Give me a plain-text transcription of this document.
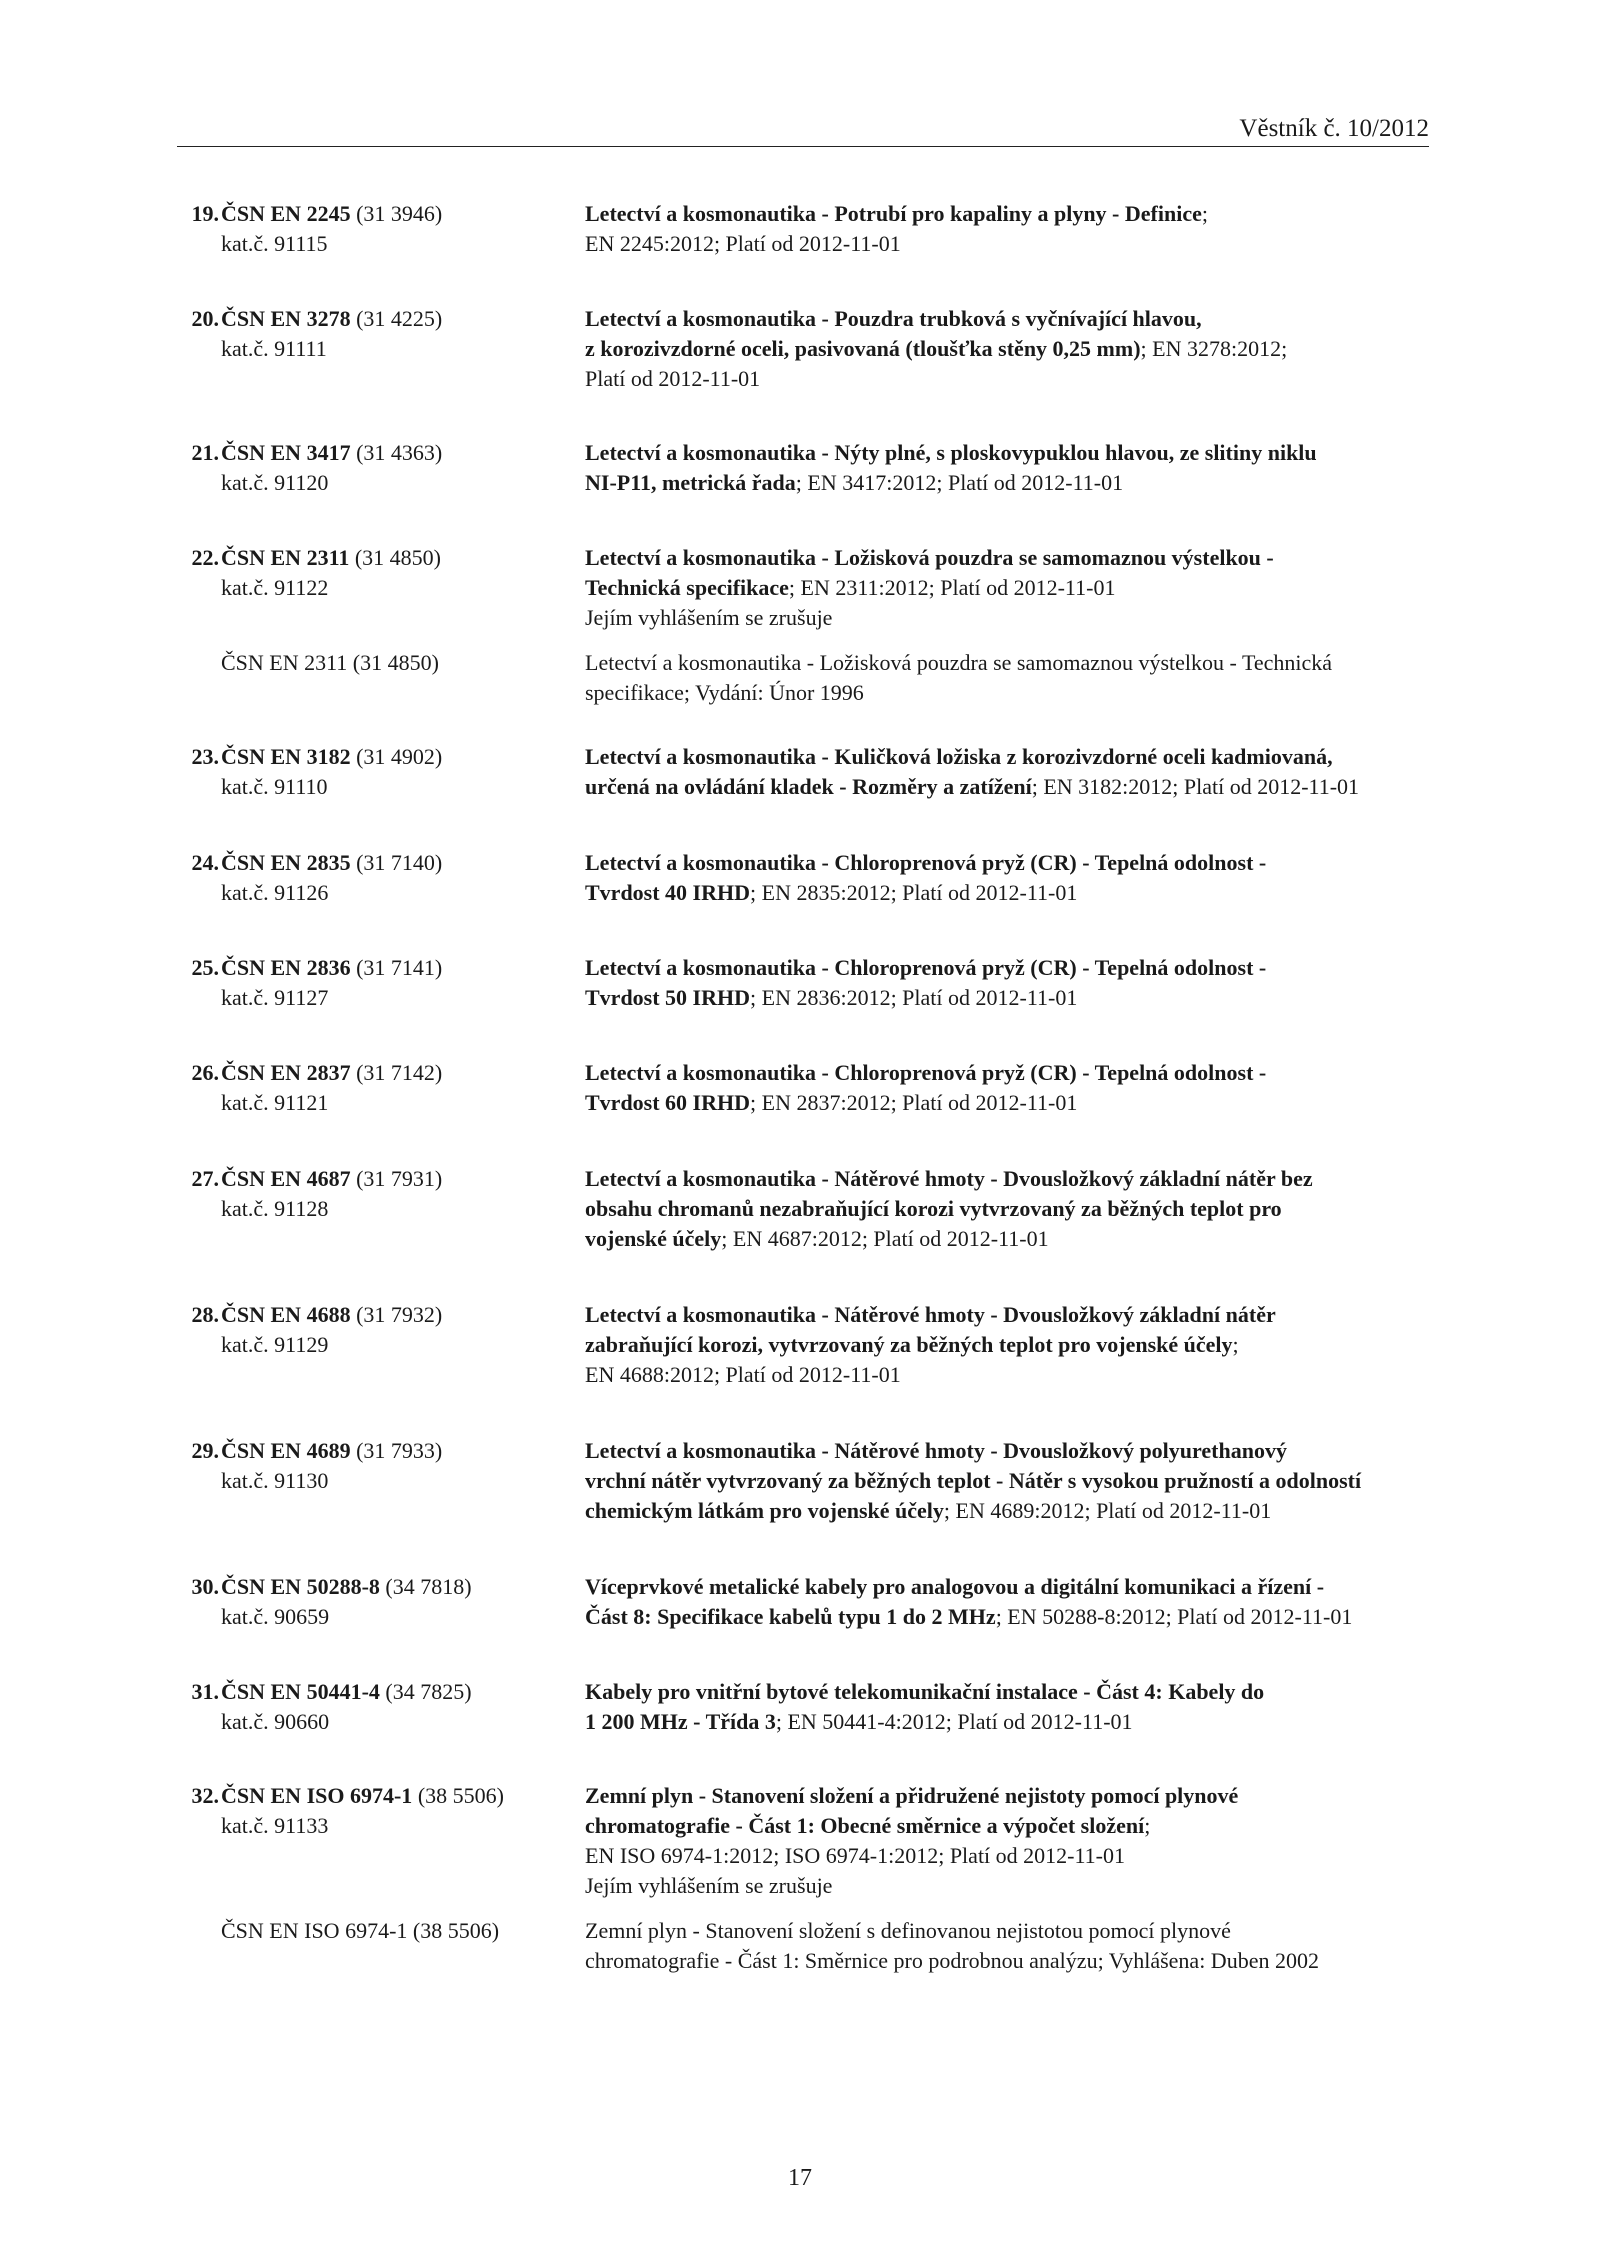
Věstník č. 10/2012
19. ČSN EN 2245 (31 3946)
kat.č. 91115
Letectví a kosmonautika - Potrubí pro kapaliny a plyny - Definice;
EN 2245:2012; Platí od 2012-11-01
20. ČSN EN 3278 (31 4225)
kat.č. 91111
Letectví a kosmonautika - Pouzdra trubková s vyčnívající hlavou,
z korozivzdorné oceli, pasivovaná (tloušťka stěny 0,25 mm); EN 3278:2012;
Platí od 2012-11-01
21. ČSN EN 3417 (31 4363)
kat.č. 91120
Letectví a kosmonautika - Nýty plné, s ploskovypuklou hlavou, ze slitiny niklu
NI-P11, metrická řada; EN 3417:2012; Platí od 2012-11-01
22. ČSN EN 2311 (31 4850)
kat.č. 91122
Letectví a kosmonautika - Ložisková pouzdra se samomaznou výstelkou -
Technická specifikace; EN 2311:2012; Platí od 2012-11-01
Jejím vyhlášením se zrušuje
ČSN EN 2311 (31 4850)	Letectví a kosmonautika - Ložisková pouzdra se samomaznou výstelkou - Technická
specifikace; Vydání: Únor 1996
23. ČSN EN 3182 (31 4902)
kat.č. 91110
Letectví a kosmonautika - Kuličková ložiska z korozivzdorné oceli kadmiovaná,
určená na ovládání kladek - Rozměry a zatížení; EN 3182:2012; Platí od 2012-11-01
24. ČSN EN 2835 (31 7140)
kat.č. 91126
Letectví a kosmonautika - Chloroprenová pryž (CR) - Tepelná odolnost -
Tvrdost 40 IRHD; EN 2835:2012; Platí od 2012-11-01
25. ČSN EN 2836 (31 7141)
kat.č. 91127
Letectví a kosmonautika - Chloroprenová pryž (CR) - Tepelná odolnost -
Tvrdost 50 IRHD; EN 2836:2012; Platí od 2012-11-01
26. ČSN EN 2837 (31 7142)
kat.č. 91121
Letectví a kosmonautika - Chloroprenová pryž (CR) - Tepelná odolnost -
Tvrdost 60 IRHD; EN 2837:2012; Platí od 2012-11-01
27. ČSN EN 4687 (31 7931)
kat.č. 91128
Letectví a kosmonautika - Nátěrové hmoty - Dvousložkový základní nátěr bez
obsahu chromanů nezabraňující korozi vytvrzovaný za běžných teplot pro
vojenské účely; EN 4687:2012; Platí od 2012-11-01
28. ČSN EN 4688 (31 7932)
kat.č. 91129
Letectví a kosmonautika - Nátěrové hmoty - Dvousložkový základní nátěr
zabraňující korozi, vytvrzovaný za běžných teplot pro vojenské účely;
EN 4688:2012; Platí od 2012-11-01
29. ČSN EN 4689 (31 7933)
kat.č. 91130
Letectví a kosmonautika - Nátěrové hmoty - Dvousložkový polyurethanový
vrchní nátěr vytvrzovaný za běžných teplot - Nátěr s vysokou pružností a odolností
chemickým látkám pro vojenské účely; EN 4689:2012; Platí od 2012-11-01
30. ČSN EN 50288-8 (34 7818)
kat.č. 90659
Víceprvkové metalické kabely pro analogovou a digitální komunikaci a řízení -
Část 8: Specifikace kabelů typu 1 do 2 MHz; EN 50288-8:2012; Platí od 2012-11-01
31. ČSN EN 50441-4 (34 7825)
kat.č. 90660
Kabely pro vnitřní bytové telekomunikační instalace - Část 4: Kabely do
1 200 MHz - Třída 3; EN 50441-4:2012; Platí od 2012-11-01
32. ČSN EN ISO 6974-1 (38 5506)
kat.č. 91133
Zemní plyn - Stanovení složení a přidružené nejistoty pomocí plynové
chromatografie - Část 1: Obecné směrnice a výpočet složení;
EN ISO 6974-1:2012; ISO 6974-1:2012; Platí od 2012-11-01
Jejím vyhlášením se zrušuje
ČSN EN ISO 6974-1 (38 5506)	Zemní plyn - Stanovení složení s definovanou nejistotou pomocí plynové
chromatografie - Část 1: Směrnice pro podrobnou analýzu; Vyhlášena: Duben 2002
17
